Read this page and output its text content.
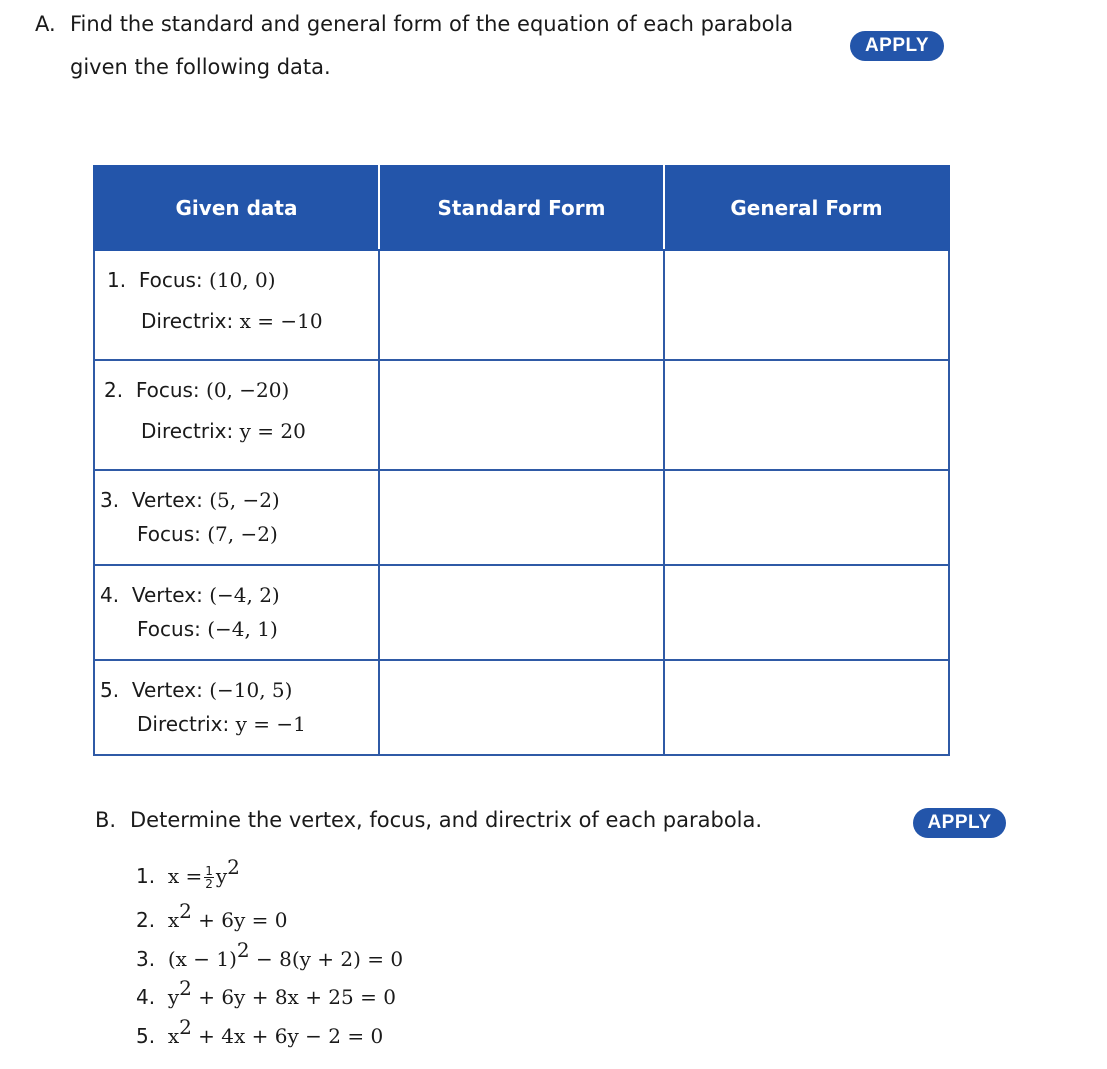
A. Find the standard and general form of the equation of each parabola
given the following data.
APPLY
Given data	Standard Form	General Form

1. Focus: (10, 0)
Directrix: x = −10		

2. Focus: (0, −20)
Directrix: y = 20		

3. Vertex: (5, −2)
Focus: (7, −2)		

4. Vertex: (−4, 2)
Focus: (−4, 1)		

5. Vertex: (−10, 5)
Directrix: y = −1		

B. Determine the vertex, focus, and directrix of each parabola.	APPLY
1. $x = \frac{1}{2} y^2$
2. $x^2 + 6y = 0$
3. $(x - 1)^2 - 8(y + 2) = 0$
4. $y^2 + 6y + 8x + 25 = 0$
5. $x^2 + 4x + 6y - 2 = 0$
